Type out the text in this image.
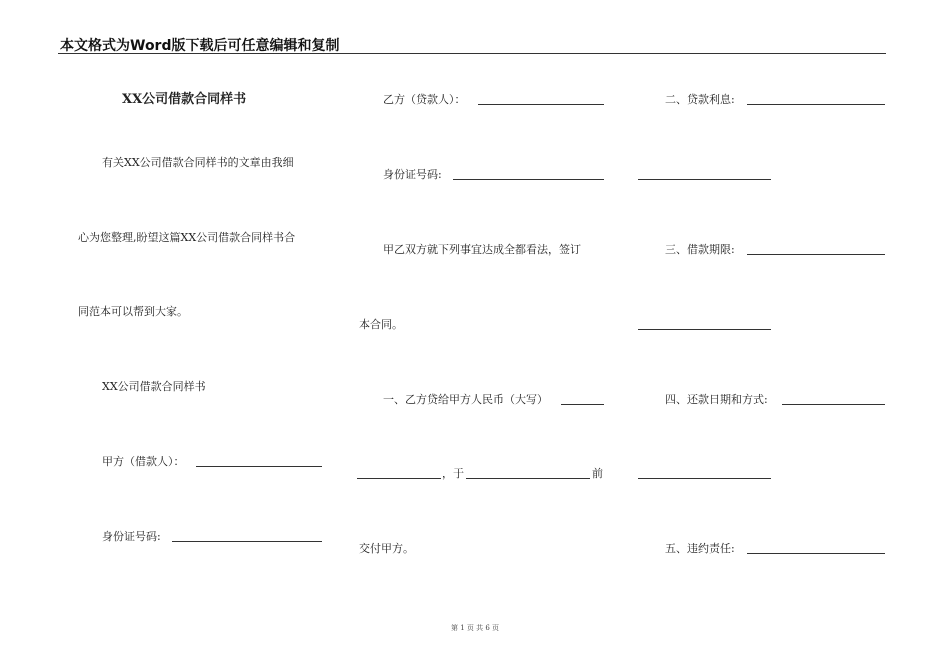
本文格式为Word版下载后可任意编辑和复制
XX公司借款合同样书
有关XX公司借款合同样书的文章由我细
心为您整理,盼望这篇XX公司借款合同样书合
同范本可以帮到大家。
XX公司借款合同样书
甲方（借款人）：
身份证号码:
乙方（贷款人）：
身份证号码:
甲乙双方就下列事宜达成全都看法，签订
本合同。
一、乙方贷给甲方人民币（大写）
，于	前
交付甲方。
二、贷款利息:
三、借款期限:
四、还款日期和方式:
五、违约责任:
第 1 页 共 6 页
